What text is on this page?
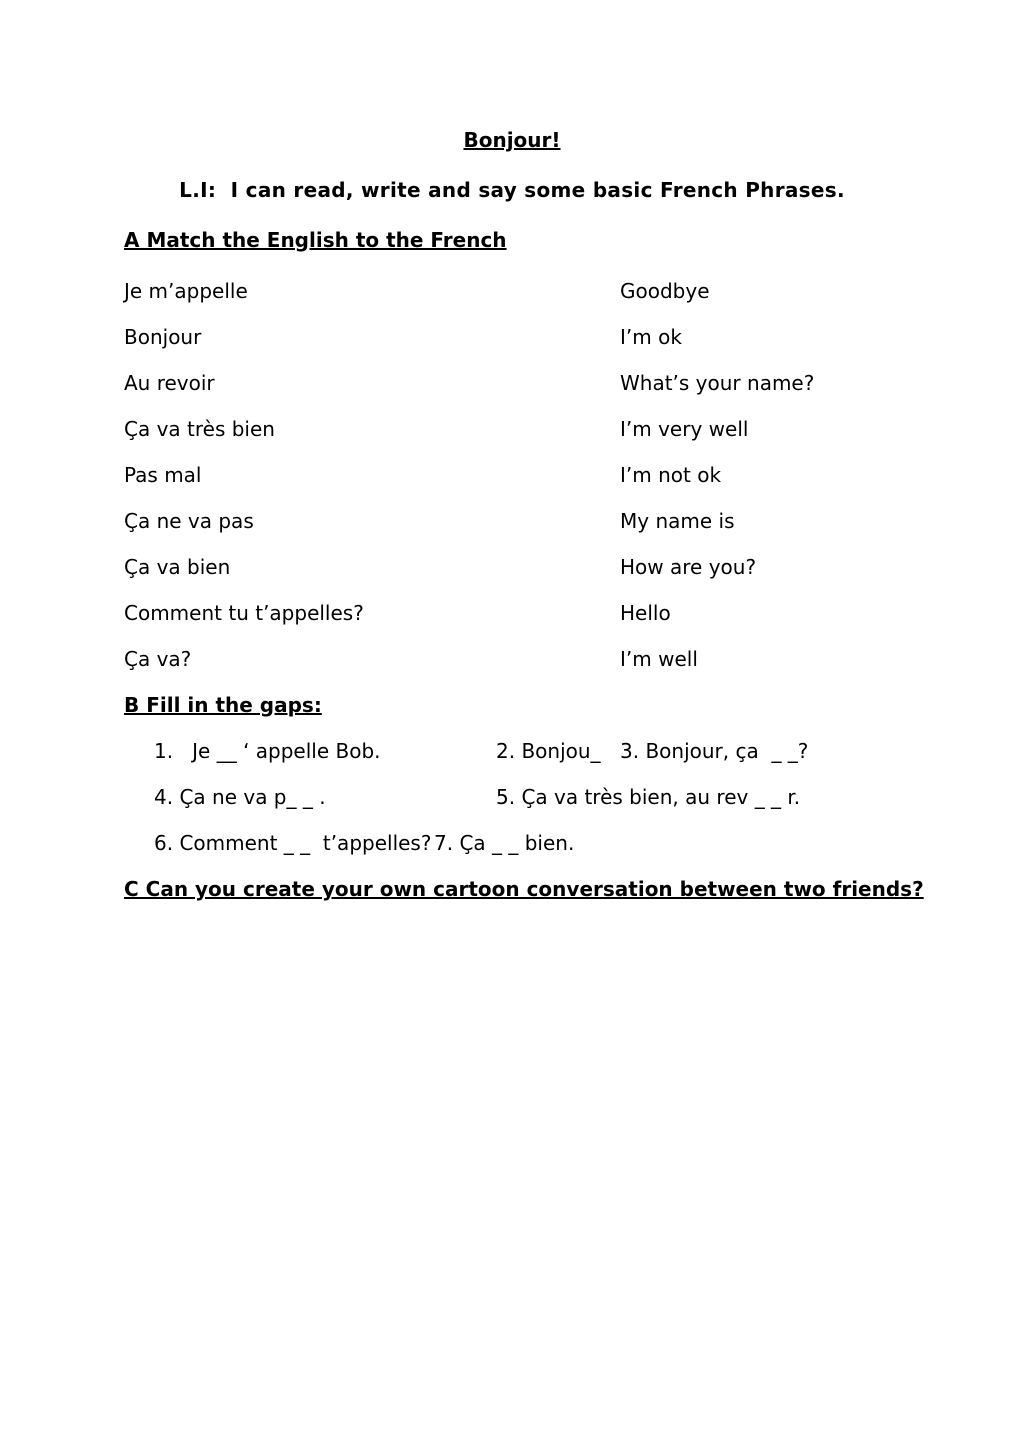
Bonjour!
L.I:  I can read, write and say some basic French Phrases.
A Match the English to the French
Je m’appelle
Bonjour
Au revoir
Ça va très bien
Pas mal
Ça ne va pas
Ça va bien
Comment tu t’appelles?
Ça va?
Goodbye
I’m ok
What’s your name?
I’m very well
I’m not ok
My name is
How are you?
Hello
I’m well
B Fill in the gaps:
1.   Je __ ‘ appelle Bob.	2. Bonjou_ 3. Bonjour, ça  _ _?
4. Ça ne va p_ _ .	5. Ça va très bien, au rev _ _ r.
6. Comment _ _  t’appelles? 7. Ça _ _ bien.
C Can you create your own cartoon conversation between two friends?
